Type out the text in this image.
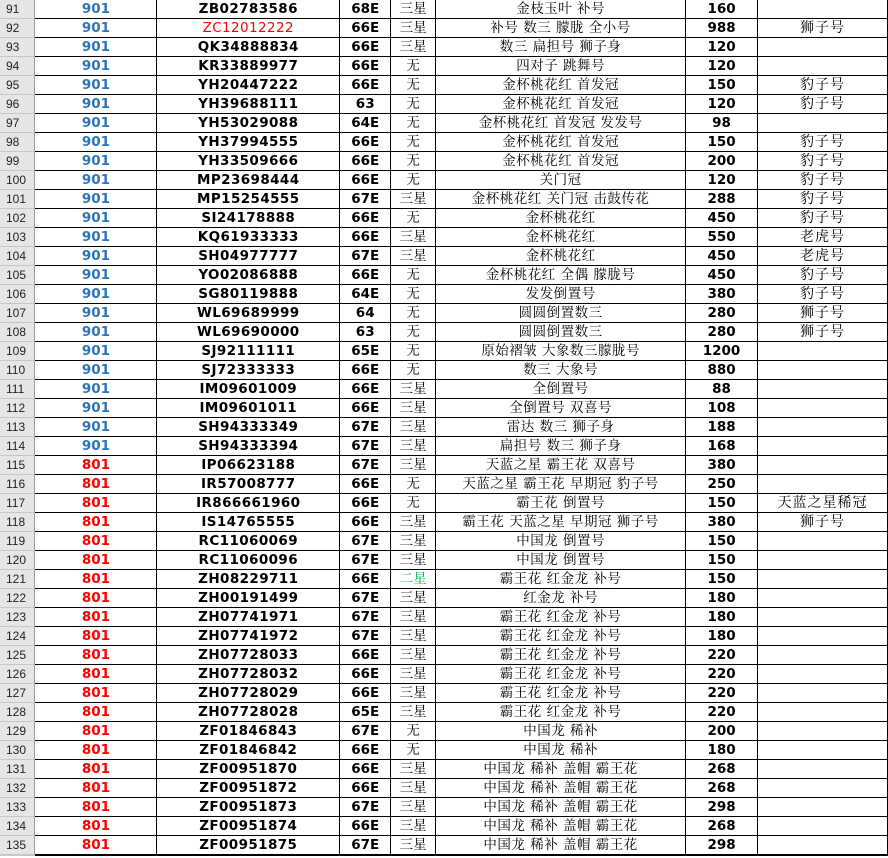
91	901	ZB02783586	68E	三星	金枝玉叶 补号	160	
92	901	ZC12012222	66E	三星	补号 数三 朦胧 全小号	988	狮子号
93	901	QK34888834	66E	三星	数三 扁担号 狮子身	120	
94	901	KR33889977	66E	无	四对子 跳舞号	120	
95	901	YH20447222	66E	无	金杯桃花红 首发冠	150	豹子号
96	901	YH39688111	63	无	金杯桃花红 首发冠	120	豹子号
97	901	YH53029088	64E	无	金杯桃花红 首发冠 发发号	98	
98	901	YH37994555	66E	无	金杯桃花红 首发冠	150	豹子号
99	901	YH33509666	66E	无	金杯桃花红 首发冠	200	豹子号
100	901	MP23698444	66E	无	关门冠	120	豹子号
101	901	MP15254555	67E	三星	金杯桃花红 关门冠 击鼓传花	288	豹子号
102	901	SI24178888	66E	无	金杯桃花红	450	豹子号
103	901	KQ61933333	66E	三星	金杯桃花红	550	老虎号
104	901	SH04977777	67E	三星	金杯桃花红	450	老虎号
105	901	YO02086888	66E	无	金杯桃花红 全偶 朦胧号	450	豹子号
106	901	SG80119888	64E	无	发发倒置号	380	豹子号
107	901	WL69689999	64	无	圆圆倒置数三	280	狮子号
108	901	WL69690000	63	无	圆圆倒置数三	280	狮子号
109	901	SJ92111111	65E	无	原始褶皱 大象数三朦胧号	1200	
110	901	SJ72333333	66E	无	数三 大象号	880	
111	901	IM09601009	66E	三星	全倒置号	88	
112	901	IM09601011	66E	三星	全倒置号 双喜号	108	
113	901	SH94333349	67E	三星	雷达 数三 狮子身	188	
114	901	SH94333394	67E	三星	扁担号 数三 狮子身	168	
115	801	IP06623188	67E	三星	天蓝之星 霸王花 双喜号	380	
116	801	IR57008777	66E	无	天蓝之星 霸王花 早期冠 豹子号	250	
117	801	IR866661960	66E	无	霸王花 倒置号	150	天蓝之星稀冠
118	801	IS14765555	66E	三星	霸王花 天蓝之星 早期冠 狮子号	380	狮子号
119	801	RC11060069	67E	三星	中国龙 倒置号	150	
120	801	RC11060096	67E	三星	中国龙 倒置号	150	
121	801	ZH08229711	66E	二星	霸王花 红金龙 补号	150	
122	801	ZH00191499	67E	三星	红金龙 补号	180	
123	801	ZH07741971	67E	三星	霸王花 红金龙 补号	180	
124	801	ZH07741972	67E	三星	霸王花 红金龙 补号	180	
125	801	ZH07728033	66E	三星	霸王花 红金龙 补号	220	
126	801	ZH07728032	66E	三星	霸王花 红金龙 补号	220	
127	801	ZH07728029	66E	三星	霸王花 红金龙 补号	220	
128	801	ZH07728028	65E	三星	霸王花 红金龙 补号	220	
129	801	ZF01846843	67E	无	中国龙 稀补	200	
130	801	ZF01846842	66E	无	中国龙 稀补	180	
131	801	ZF00951870	66E	三星	中国龙 稀补 盖帽 霸王花	268	
132	801	ZF00951872	66E	三星	中国龙 稀补 盖帽 霸王花	268	
133	801	ZF00951873	67E	三星	中国龙 稀补 盖帽 霸王花	298	
134	801	ZF00951874	66E	三星	中国龙 稀补 盖帽 霸王花	268	
135	801	ZF00951875	67E	三星	中国龙 稀补 盖帽 霸王花	298	
